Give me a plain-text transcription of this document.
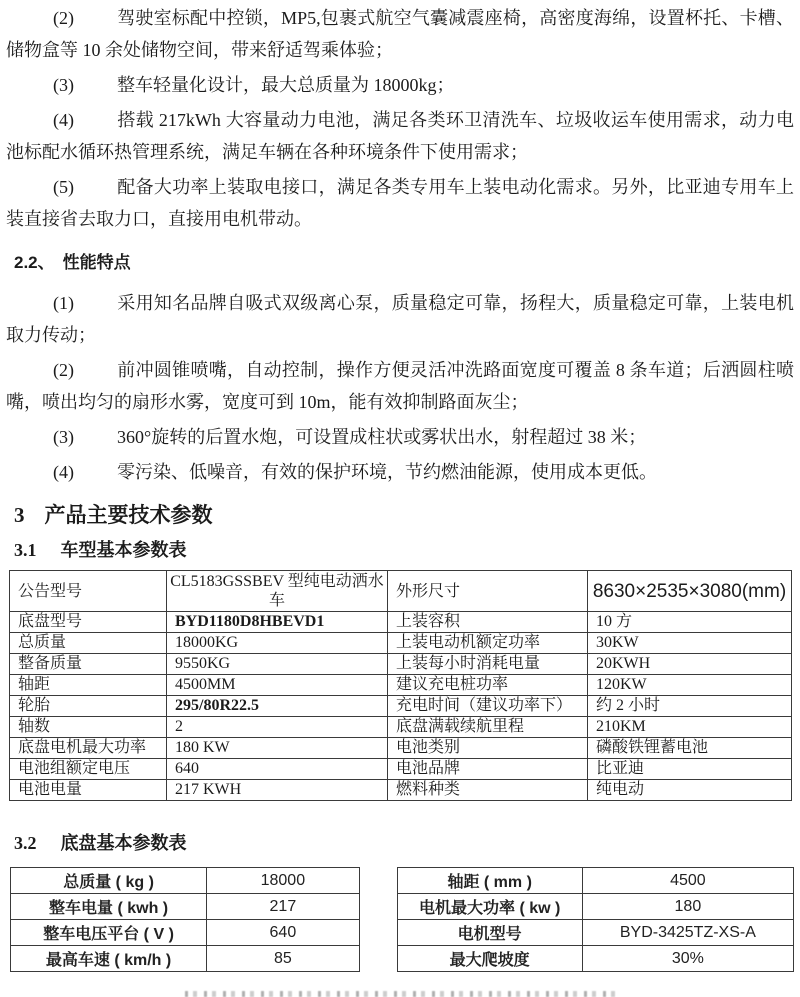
(2) 驾驶室标配中控锁，MP5,包裹式航空气囊减震座椅，高密度海绵，设置杯托、卡槽、储物盒等 10 余处储物空间，带来舒适驾乘体验；

(3) 整车轻量化设计，最大总质量为 18000kg；

(4) 搭载 217kWh 大容量动力电池，满足各类环卫清洗车、垃圾收运车使用需求，动力电池标配水循环热管理系统，满足车辆在各种环境条件下使用需求；

(5) 配备大功率上装取电接口，满足各类专用车上装电动化需求。另外，比亚迪专用车上装直接省去取力口，直接用电机带动。

2.2、 性能特点

(1) 采用知名品牌自吸式双级离心泵，质量稳定可靠，扬程大，质量稳定可靠，上装电机取力传动；

(2) 前冲圆锥喷嘴，自动控制，操作方便灵活冲洗路面宽度可覆盖 8 条车道；后洒圆柱喷嘴，喷出均匀的扇形水雾，宽度可到 10m，能有效抑制路面灰尘；

(3) 360°旋转的后置水炮，可设置成柱状或雾状出水，射程超过 38 米；

(4) 零污染、低噪音，有效的保护环境，节约燃油能源，使用成本更低。

3 产品主要技术参数
3.1 车型基本参数表
公告型号	CL5183GSSBEV 型纯电动洒水车	外形尺寸	8630×2535×3080(mm)
底盘型号	BYD1180D8HBEVD1	上装容积	10 方
总质量	18000KG	上装电动机额定功率	30KW
整备质量	9550KG	上装每小时消耗电量	20KWH
轴距	4500MM	建议充电桩功率	120KW
轮胎	295/80R22.5	充电时间（建议功率下）	约 2 小时
轴数	2	底盘满载续航里程	210KM
底盘电机最大功率	180 KW	电池类别	磷酸铁锂蓄电池
电池组额定电压	640	电池品牌	比亚迪
电池电量	217 KWH	燃料种类	纯电动
3.2 底盘基本参数表
总质量 ( kg )	18000
整车电量 ( kwh )	217
整车电压平台 ( V )	640
最高车速 ( km/h )	85
轴距 ( mm )	4500
电机最大功率 ( kw )	180
电机型号	BYD-3425TZ-XS-A
最大爬坡度	30%
